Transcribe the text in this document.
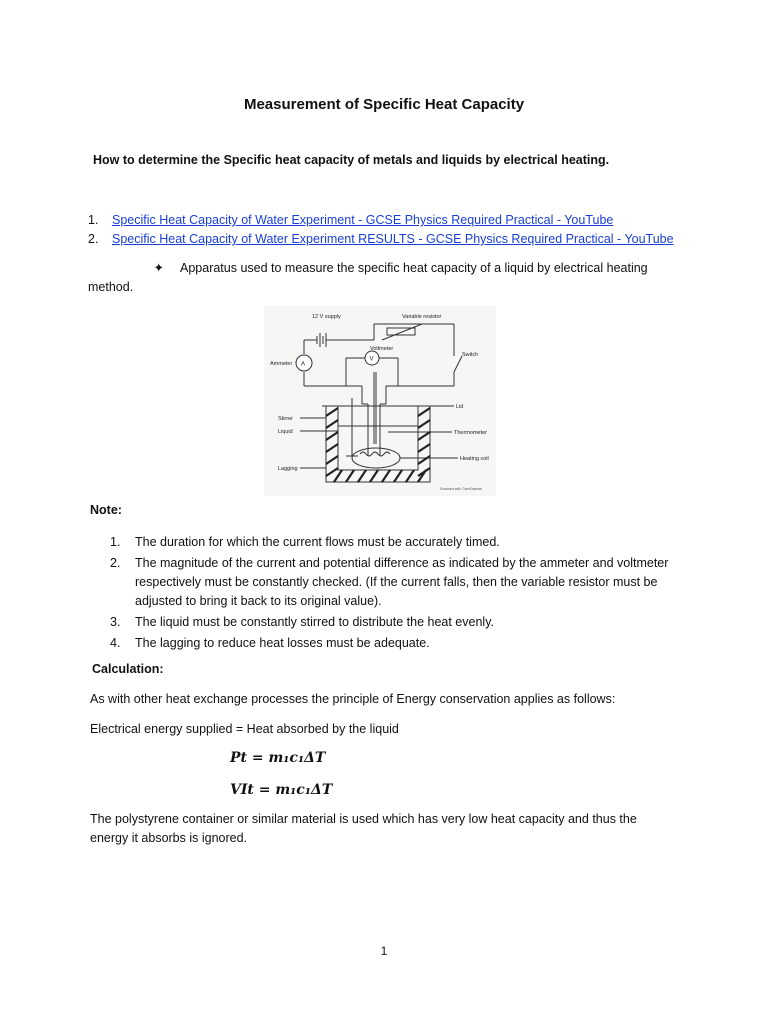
Measurement of Specific Heat Capacity
How to determine the Specific heat capacity of metals and liquids by electrical heating.
1. Specific Heat Capacity of Water Experiment - GCSE Physics Required Practical - YouTube
2. Specific Heat Capacity of Water Experiment RESULTS - GCSE Physics Required Practical - YouTube
✦ Apparatus used to measure the specific heat capacity of a liquid by electrical heating method.
A
V
12 V supply	Variable resistor
Voltmeter
Switch
Ammeter
Stirrer
Liquid
Lagging
Lid
Thermometer
Heating coil
Scanned with CamScanner
Note:
1. The duration for which the current flows must be accurately timed.
2. The magnitude of the current and potential difference as indicated by the ammeter and voltmeter respectively must be constantly checked. (If the current falls, then the variable resistor must be adjusted to bring it back to its original value).
3. The liquid must be constantly stirred to distribute the heat evenly.
4. The lagging to reduce heat losses must be adequate.
Calculation:
As with other heat exchange processes the principle of Energy conservation applies as follows:
Electrical energy supplied = Heat absorbed by the liquid
Pt = m₁c₁ΔT
VIt = m₁c₁ΔT
The polystyrene container or similar material is used which has very low heat capacity and thus the energy it absorbs is ignored.
1
